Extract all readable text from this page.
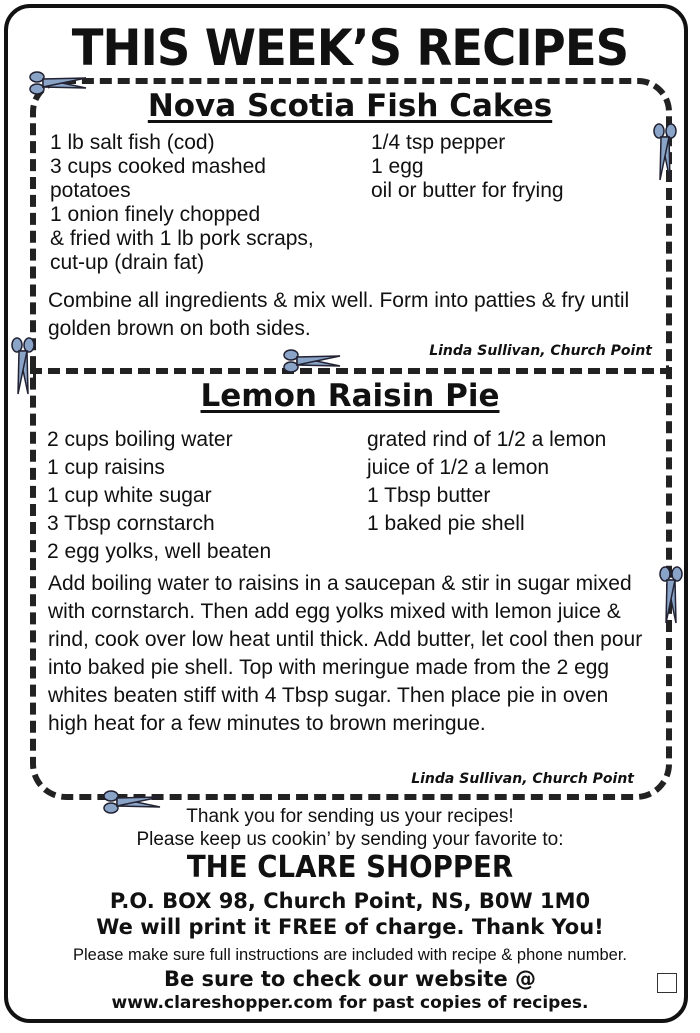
THIS WEEK’S RECIPES
Nova Scotia Fish Cakes
1 lb salt fish (cod)
3 cups cooked mashed
potatoes
1 onion finely chopped
& fried with 1 lb pork scraps,
cut-up (drain fat)
1/4 tsp pepper
1 egg
oil or butter for frying
Combine all ingredients & mix well. Form into patties & fry until golden brown on both sides.
Linda Sullivan, Church Point
Lemon Raisin Pie
2 cups boiling water
1 cup raisins
1 cup white sugar
3 Tbsp cornstarch
2 egg yolks, well beaten
grated rind of 1/2 a lemon
juice of 1/2 a lemon
1 Tbsp butter
1 baked pie shell
Add boiling water to raisins in a saucepan & stir in sugar mixed with cornstarch. Then add egg yolks mixed with lemon juice & rind, cook over low heat until thick. Add butter, let cool then pour into baked pie shell. Top with meringue made from the 2 egg whites beaten stiff with 4 Tbsp sugar. Then place pie in oven high heat for a few minutes to brown meringue.
Linda Sullivan, Church Point
Thank you for sending us your recipes!
Please keep us cookin’ by sending your favorite to:
THE CLARE SHOPPER
P.O. BOX 98, Church Point, NS, B0W 1M0
We will print it FREE of charge. Thank You!
Please make sure full instructions are included with recipe & phone number.
Be sure to check our website @
www.clareshopper.com for past copies of recipes.
